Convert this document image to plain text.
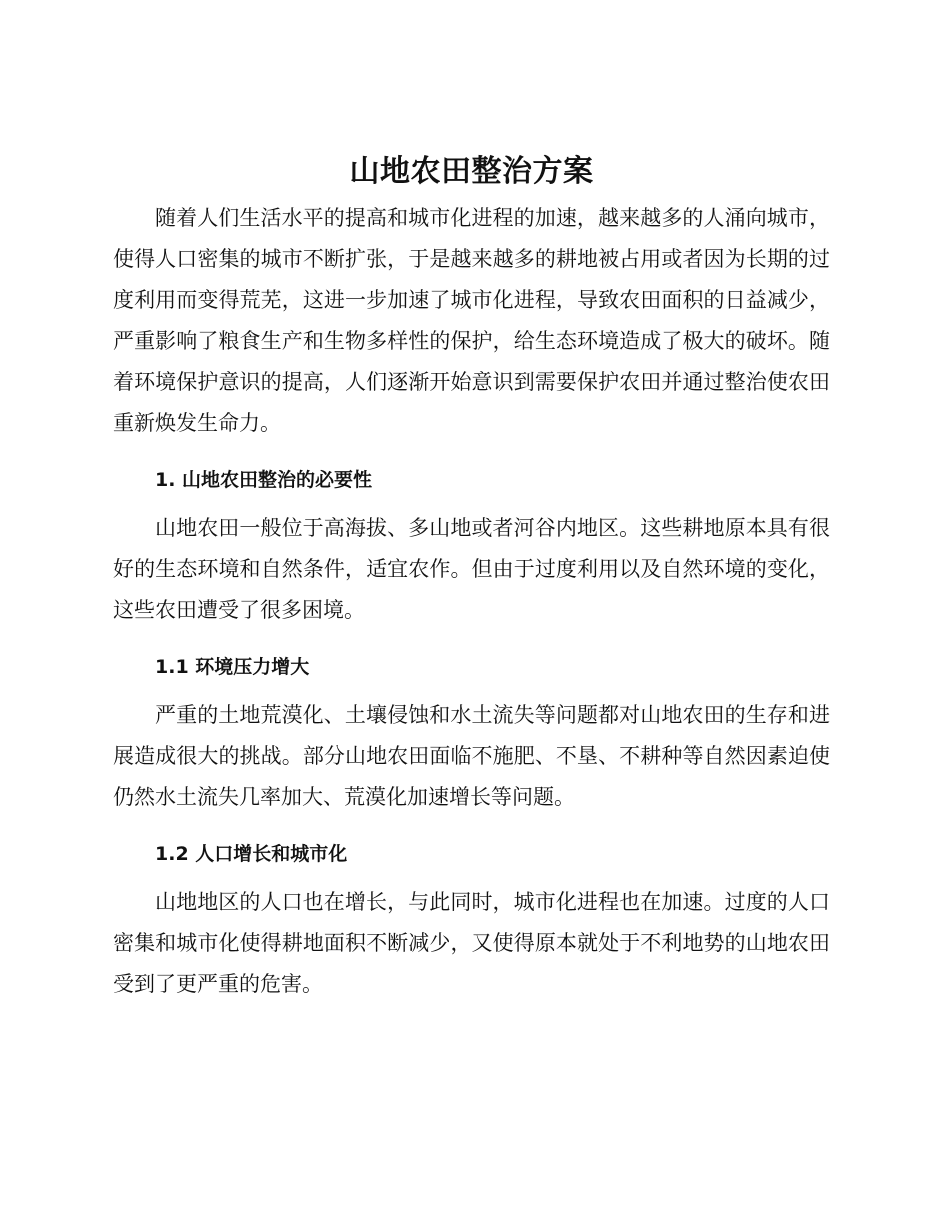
山地农田整治方案

随着人们生活水平的提高和城市化进程的加速，越来越多的人涌向城市，使得人口密集的城市不断扩张，于是越来越多的耕地被占用或者因为长期的过度利用而变得荒芜，这进一步加速了城市化进程，导致农田面积的日益减少，严重影响了粮食生产和生物多样性的保护，给生态环境造成了极大的破坏。随着环境保护意识的提高，人们逐渐开始意识到需要保护农田并通过整治使农田重新焕发生命力。

1. 山地农田整治的必要性

山地农田一般位于高海拔、多山地或者河谷内地区。这些耕地原本具有很好的生态环境和自然条件，适宜农作。但由于过度利用以及自然环境的变化，这些农田遭受了很多困境。

1.1 环境压力增大

严重的土地荒漠化、土壤侵蚀和水土流失等问题都对山地农田的生存和进展造成很大的挑战。部分山地农田面临不施肥、不垦、不耕种等自然因素迫使仍然水土流失几率加大、荒漠化加速增长等问题。

1.2 人口增长和城市化

山地地区的人口也在增长，与此同时，城市化进程也在加速。过度的人口密集和城市化使得耕地面积不断减少，又使得原本就处于不利地势的山地农田受到了更严重的危害。
